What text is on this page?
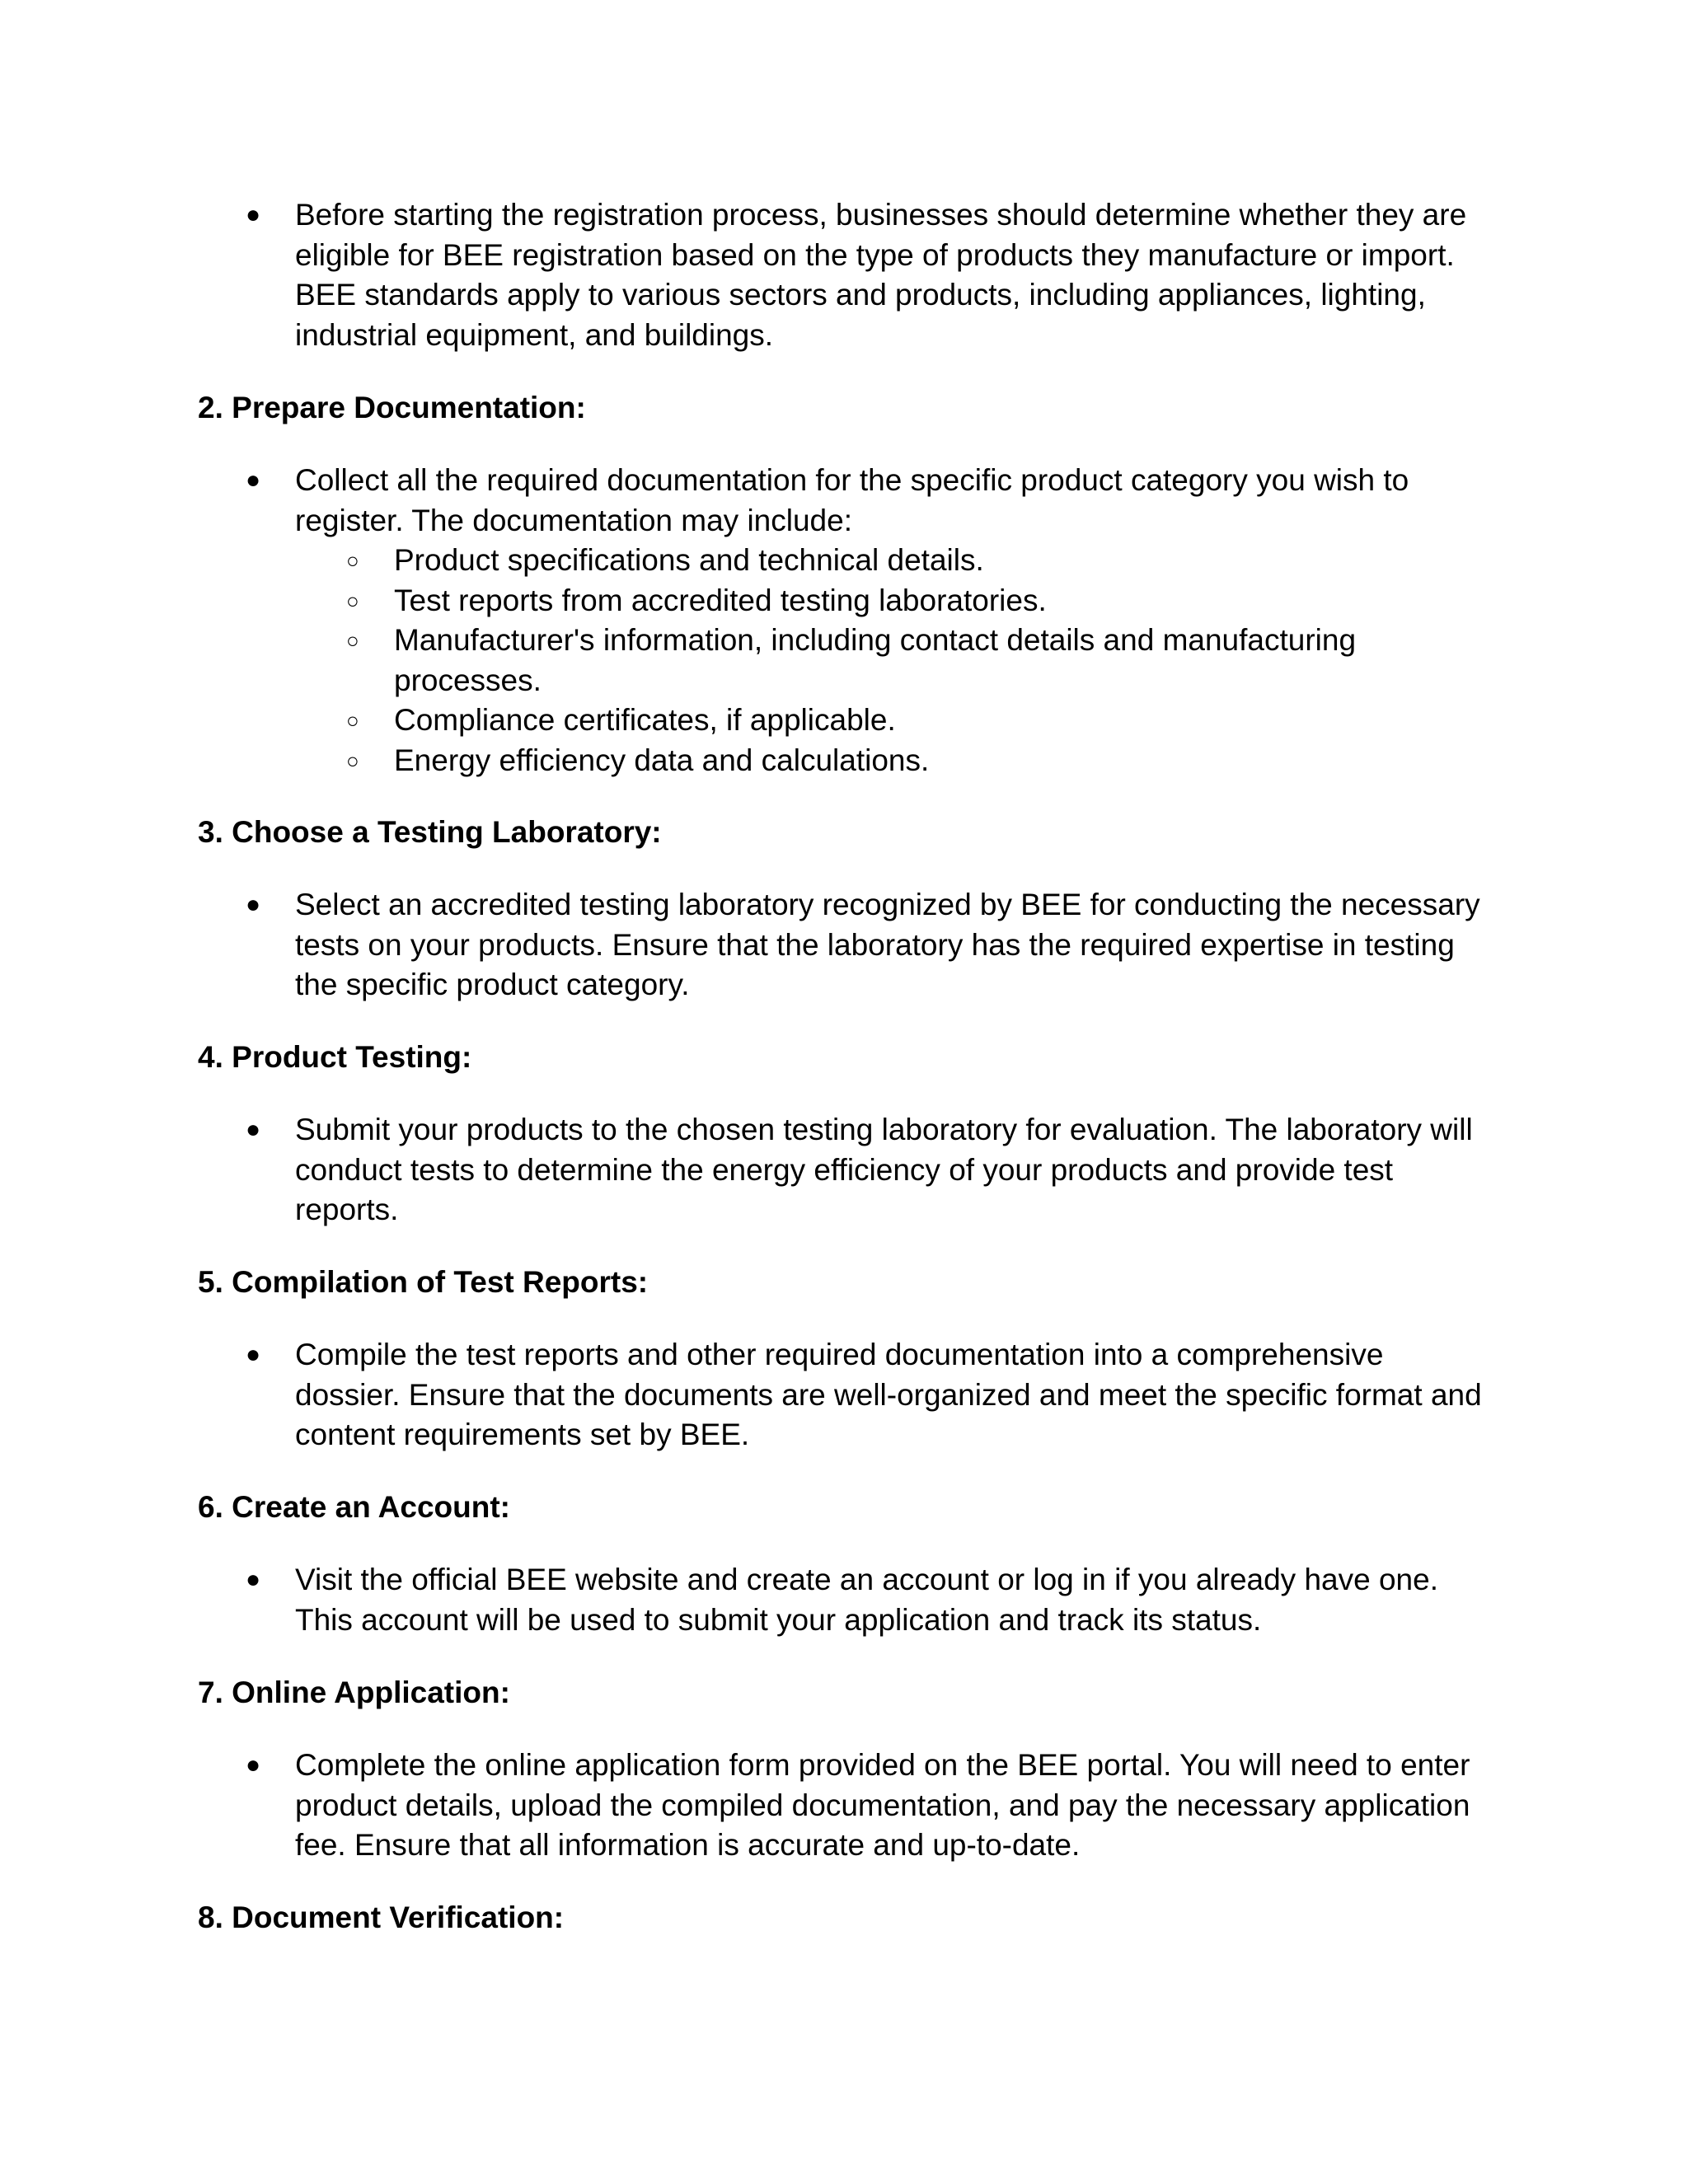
● Before starting the registration process, businesses should determine whether they are eligible for BEE registration based on the type of products they manufacture or import. BEE standards apply to various sectors and products, including appliances, lighting, industrial equipment, and buildings.

2. Prepare Documentation:
● Collect all the required documentation for the specific product category you wish to register. The documentation may include:

○ Product specifications and technical details.
○ Test reports from accredited testing laboratories.
○ Manufacturer's information, including contact details and manufacturing processes.
○ Compliance certificates, if applicable.
○ Energy efficiency data and calculations.
3. Choose a Testing Laboratory:
● Select an accredited testing laboratory recognized by BEE for conducting the necessary tests on your products. Ensure that the laboratory has the required expertise in testing the specific product category.

4. Product Testing:
● Submit your products to the chosen testing laboratory for evaluation. The laboratory will conduct tests to determine the energy efficiency of your products and provide test reports.

5. Compilation of Test Reports:
● Compile the test reports and other required documentation into a comprehensive dossier. Ensure that the documents are well-organized and meet the specific format and content requirements set by BEE.

6. Create an Account:
● Visit the official BEE website and create an account or log in if you already have one. This account will be used to submit your application and track its status.

7. Online Application:
● Complete the online application form provided on the BEE portal. You will need to enter product details, upload the compiled documentation, and pay the necessary application fee. Ensure that all information is accurate and up-to-date.

8. Document Verification:
